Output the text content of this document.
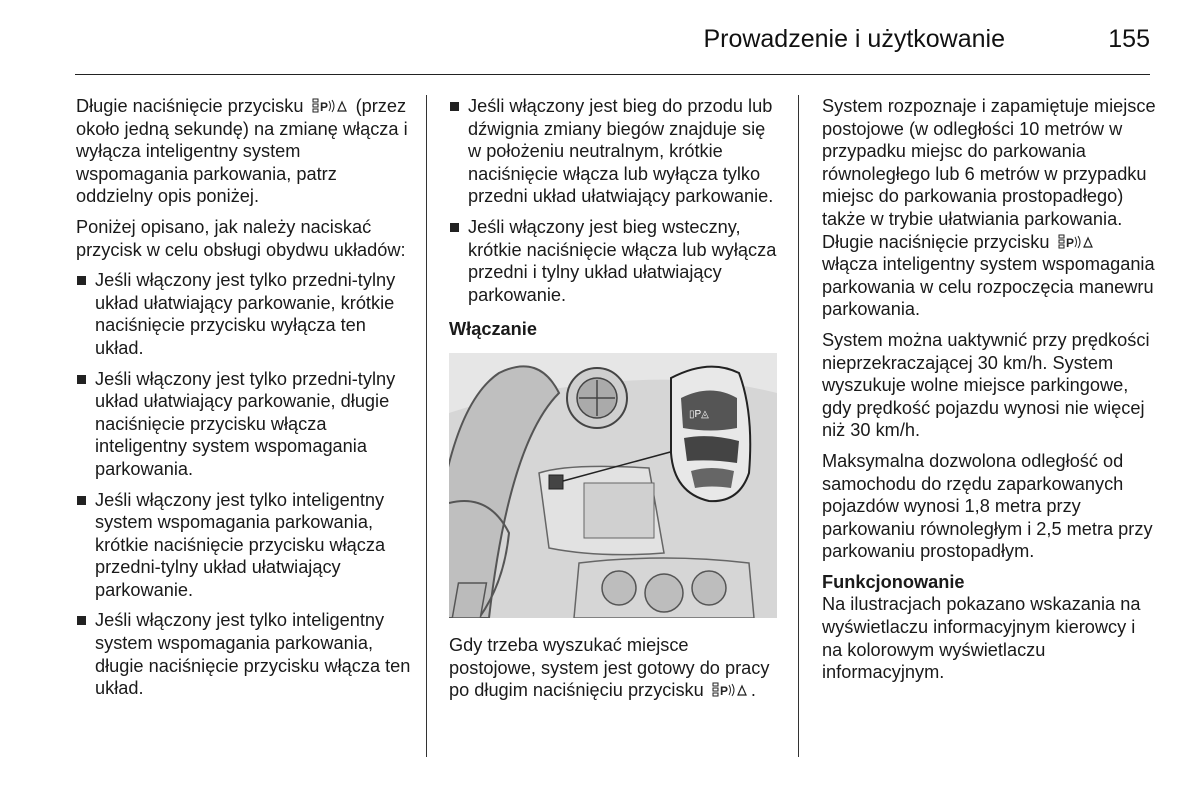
Prowadzenie i użytkowanie	155

Długie naciśnięcie przycisku P (przez około jedną sekundę) na zmianę włącza i wyłącza inteligentny system wspomagania parkowania, patrz oddzielny opis poniżej.

Poniżej opisano, jak należy naciskać przycisk w celu obsługi obydwu układów:

Jeśli włączony jest tylko przedni-tylny układ ułatwiający parkowanie, krótkie naciśnięcie przycisku wyłącza ten układ.
Jeśli włączony jest tylko przedni-tylny układ ułatwiający parkowanie, długie naciśnięcie przycisku włącza inteligentny system wspomagania parkowania.
Jeśli włączony jest tylko inteligentny system wspomagania parkowania, krótkie naciśnięcie przycisku włącza przedni-tylny układ ułatwiający parkowanie.
Jeśli włączony jest tylko inteligentny system wspomagania parkowania, długie naciśnięcie przycisku włącza ten układ.
Jeśli włączony jest bieg do przodu lub dźwignia zmiany biegów znajduje się w położeniu neutralnym, krótkie naciśnięcie włącza lub wyłącza tylko przedni układ ułatwiający parkowanie.
Jeśli włączony jest bieg wsteczny, krótkie naciśnięcie włącza lub wyłącza przedni i tylny układ ułatwiający parkowanie.
Włączanie
▯P◬

Gdy trzeba wyszukać miejsce postojowe, system jest gotowy do pracy po długim naciśnięciu przycisku P .

System rozpoznaje i zapamiętuje miejsce postojowe (w odległości 10 metrów w przypadku miejsc do parkowania równoległego lub 6 metrów w przypadku miejsc do parkowania prostopadłego) także w trybie ułatwiania parkowania. Długie naciśnięcie przycisku P
włącza inteligentny system wspomagania parkowania w celu rozpoczęcia manewru parkowania.

System można uaktywnić przy prędkości nieprzekraczającej 30 km/h. System wyszukuje wolne miejsce parkingowe, gdy prędkość pojazdu wynosi nie więcej niż 30 km/h.

Maksymalna dozwolona odległość od samochodu do rzędu zaparkowanych pojazdów wynosi 1,8 metra przy parkowaniu równoległym i 2,5 metra przy parkowaniu prostopadłym.

Funkcjonowanie

Na ilustracjach pokazano wskazania na wyświetlaczu informacyjnym kierowcy i na kolorowym wyświetlaczu informacyjnym.
